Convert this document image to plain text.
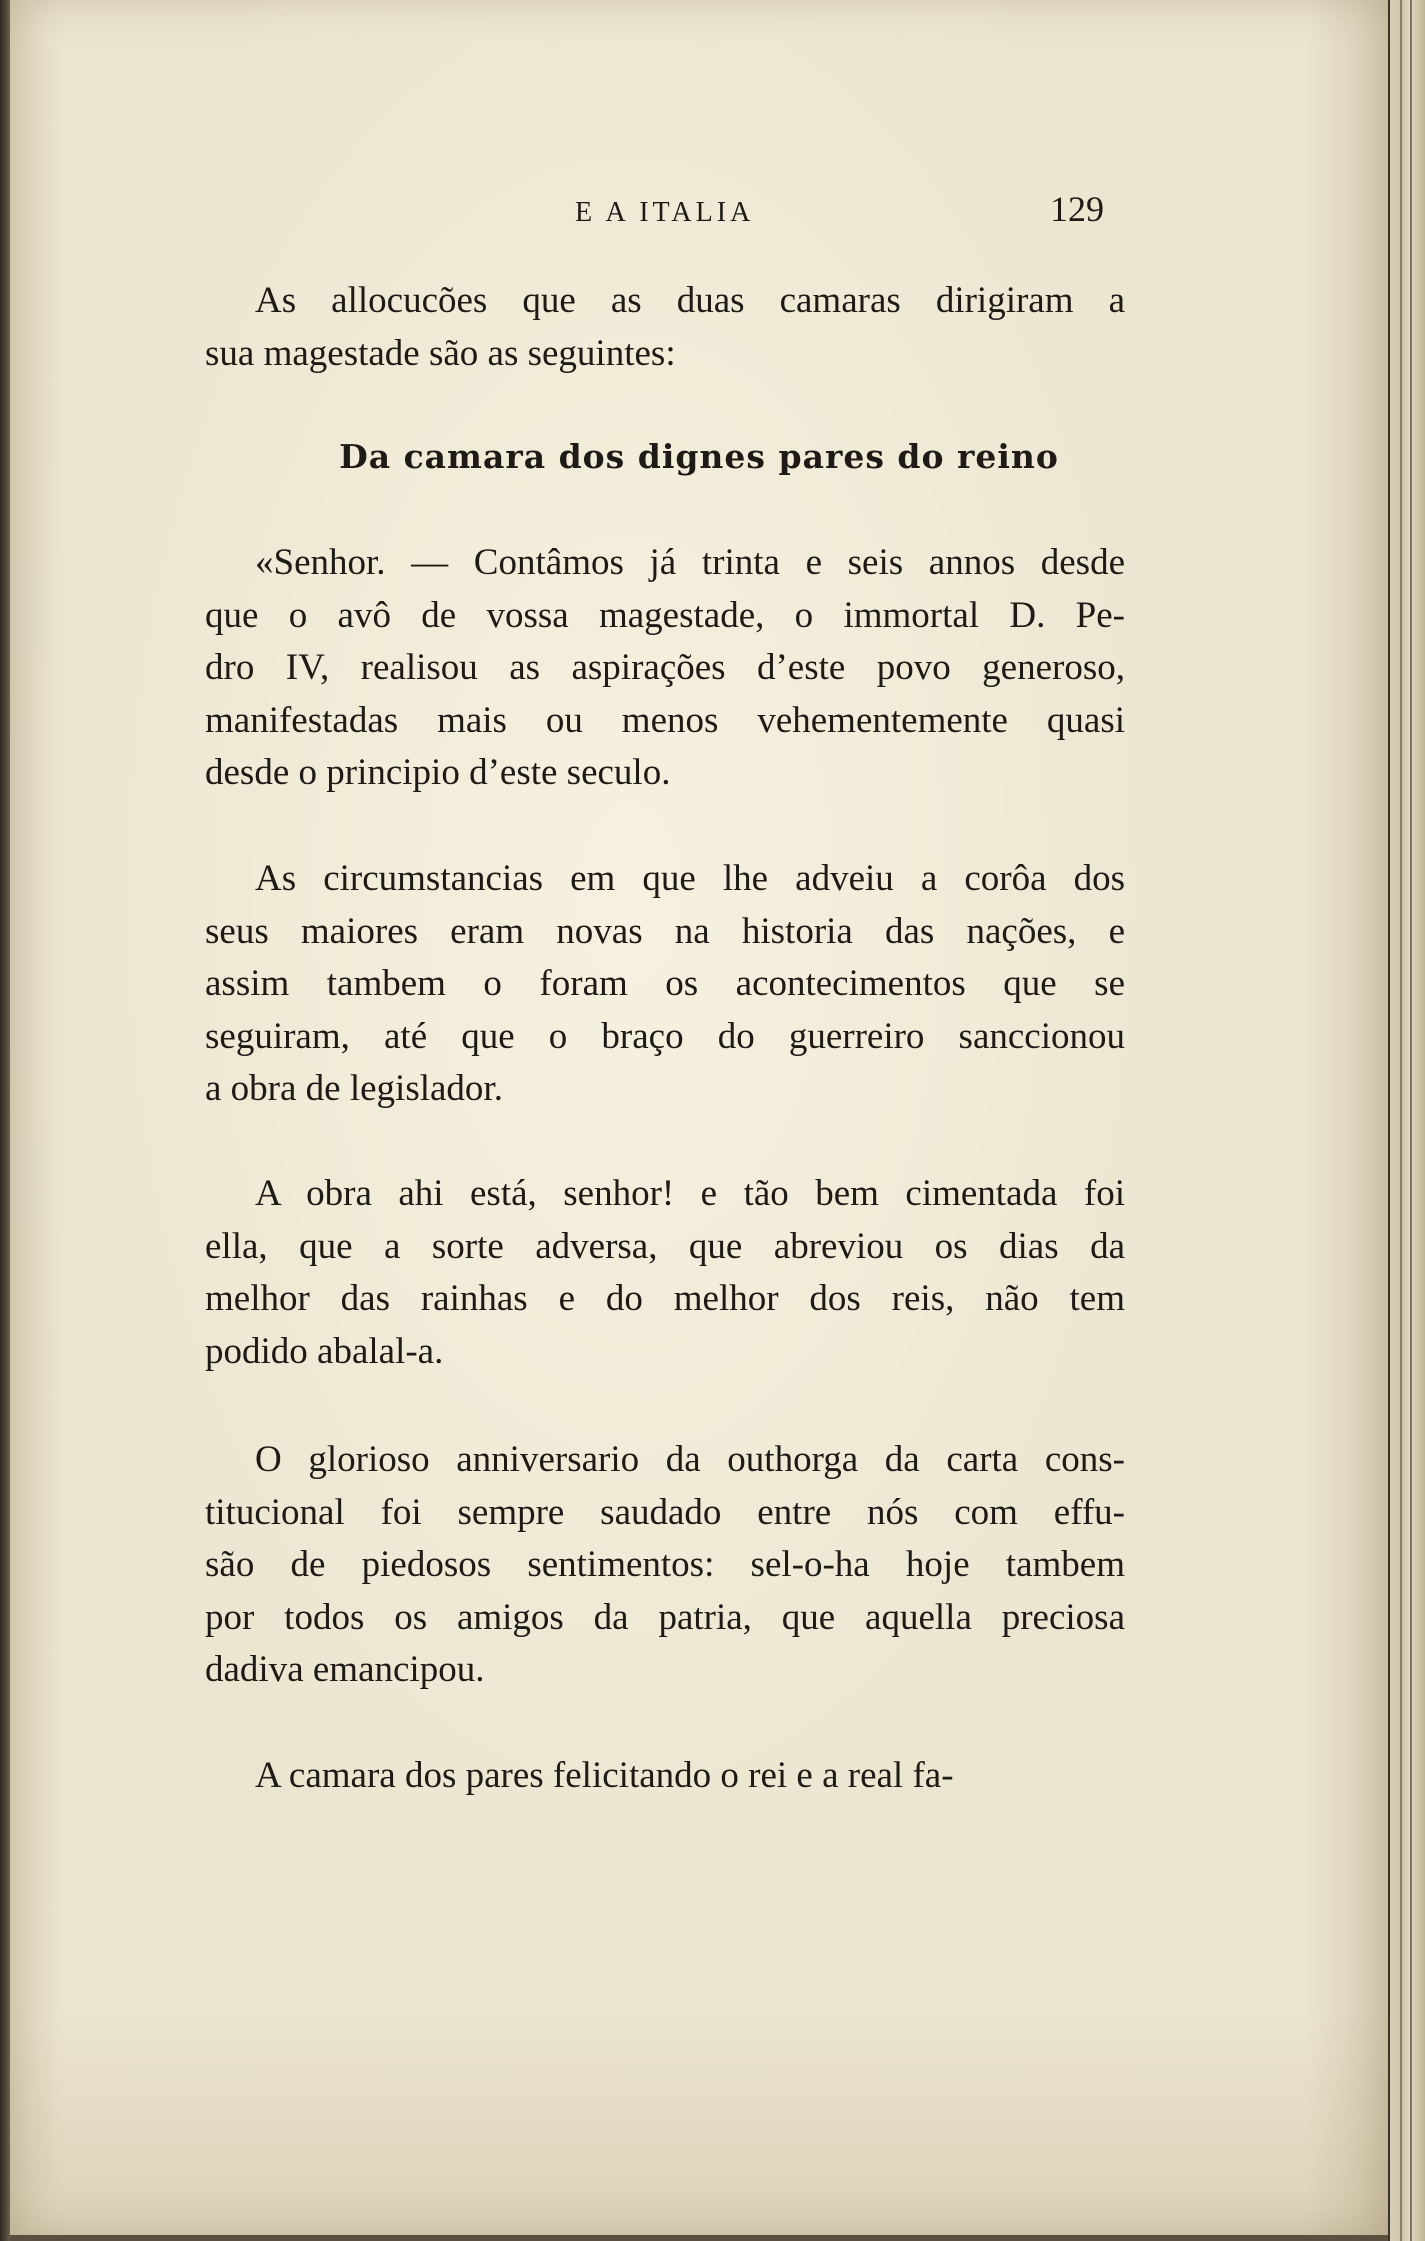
E A ITALIA	129
As allocucões que as duas camaras dirigiram a
sua magestade são as seguintes:
Da camara dos dignes pares do reino
«Senhor. — Contâmos já trinta e seis annos desde
que o avô de vossa magestade, o immortal D. Pe-
dro IV, realisou as aspirações d’este povo generoso,
manifestadas mais ou menos vehementemente quasi
desde o principio d’este seculo.
As circumstancias em que lhe adveiu a corôa dos
seus maiores eram novas na historia das nações, e
assim tambem o foram os acontecimentos que se
seguiram, até que o braço do guerreiro sanccionou
a obra de legislador.
A obra ahi está, senhor! e tão bem cimentada foi
ella, que a sorte adversa, que abreviou os dias da
melhor das rainhas e do melhor dos reis, não tem
podido abalal-a.
O glorioso anniversario da outhorga da carta cons-
titucional foi sempre saudado entre nós com effu-
são de piedosos sentimentos: sel-o-ha hoje tambem
por todos os amigos da patria, que aquella preciosa
dadiva emancipou.
A camara dos pares felicitando o rei e a real fa-
